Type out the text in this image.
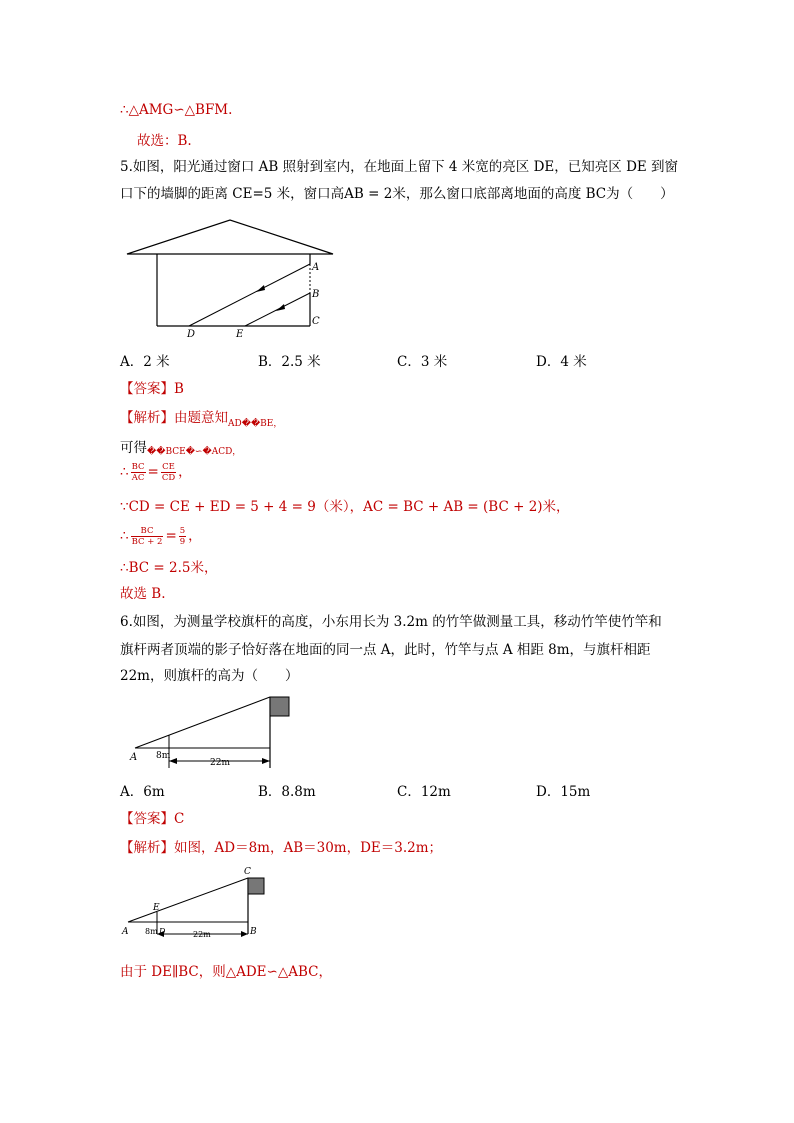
∴△AMG∽△BFM.
故选：B.
5.如图，阳光通过窗口 AB 照射到室内，在地面上留下 4 米宽的亮区 DE，已知亮区 DE 到窗
口下的墙脚的距离 CE=5 米，窗口高AB = 2米，那么窗口底部离地面的高度 BC为（　　）
A
B
C
D	E
A．2 米	B．2.5 米	C．3 米	D．4 米
【答案】B
【解析】由题意知$_{AD��BE,}$
可得��BCE�∽�ACD，
∴ $\frac{BC}{AC} = \frac{CE}{CD}$ ，
∵CD = CE + ED = 5 + 4 = 9（米），AC = BC + AB = (BC + 2)米，
∴ $\frac{BC}{BC + 2} = \frac{5}{9}$ ，
∴BC = 2.5米，
故选 B.
6.如图，为测量学校旗杆的高度，小东用长为 3.2m 的竹竿做测量工具，移动竹竿使竹竿和
旗杆两者顶端的影子恰好落在地面的同一点 A，此时，竹竿与点 A 相距 8m，与旗杆相距
22m，则旗杆的高为（　　）
A 8m
22m
A．6m	B．8.8m	C．12m	D．15m
【答案】C
【解析】如图，AD＝8m，AB＝30m，DE＝3.2m；
C
E
A 8m D	22m	B
由于 DE∥BC，则△ADE∽△ABC，
